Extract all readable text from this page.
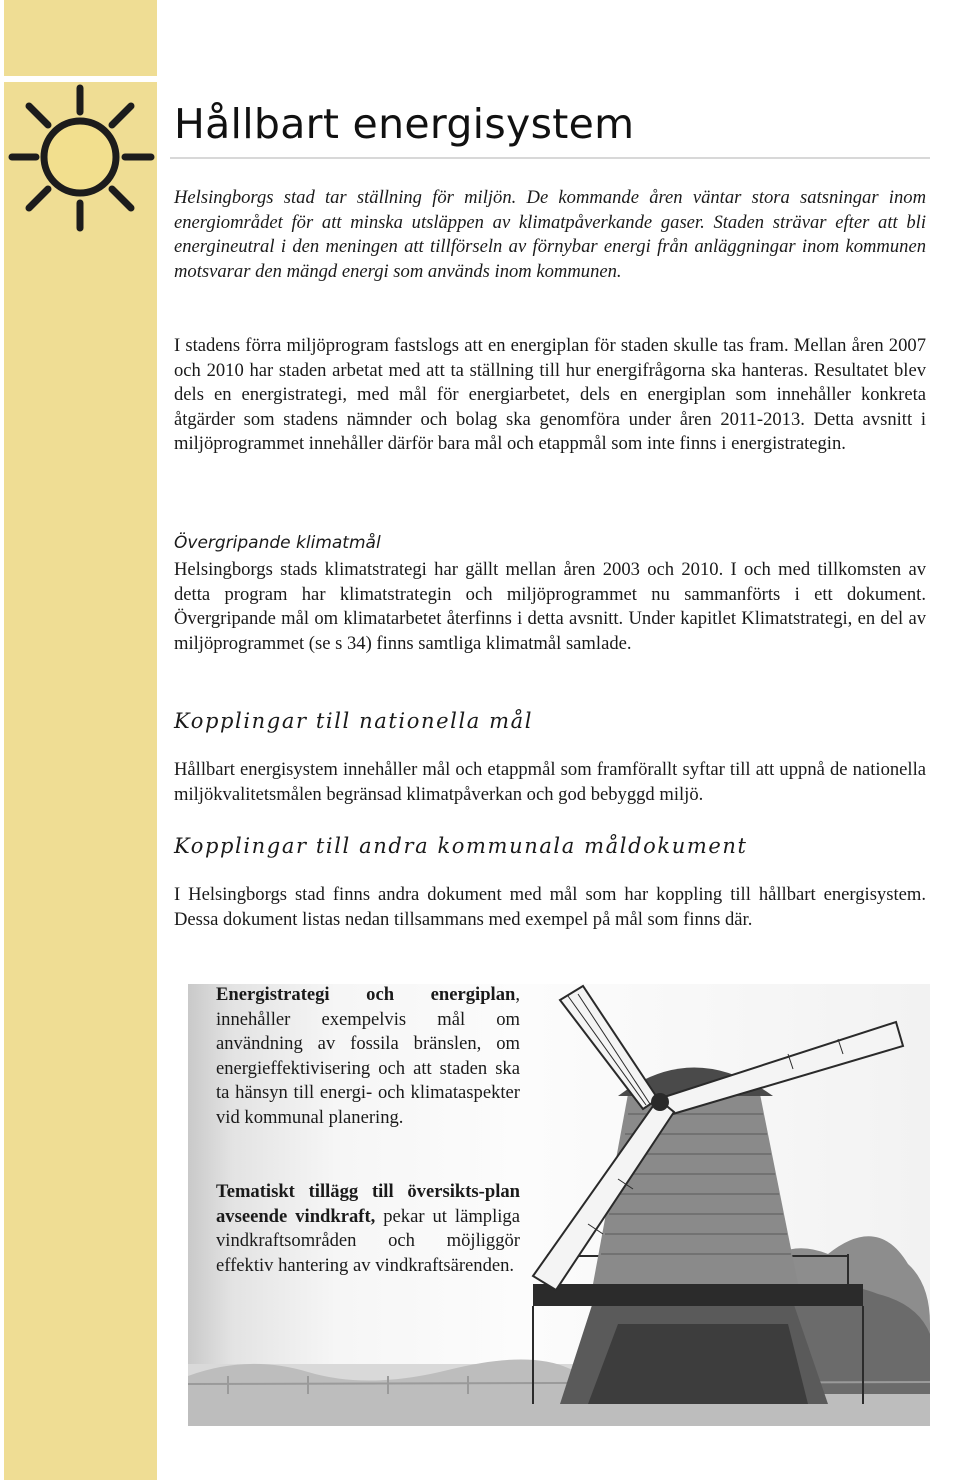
Hållbart energisystem

Helsingborgs stad tar ställning för miljön. De kommande åren väntar stora satsningar inom energiområdet för att minska utsläppen av klimatpåverkande gaser. Staden strävar efter att bli energineutral i den meningen att tillförseln av förnybar energi från anläggningar inom kommunen motsvarar den mängd energi som används inom kommunen.

I stadens förra miljöprogram fastslogs att en energiplan för staden skulle tas fram. Mellan åren 2007 och 2010 har staden arbetat med att ta ställning till hur energifrågorna ska hanteras. Resultatet blev dels en energistrategi, med mål för energiarbetet, dels en energiplan som innehåller konkreta åtgärder som stadens nämnder och bolag ska genomföra under åren 2011-2013. Detta avsnitt i miljöprogrammet innehåller därför bara mål och etappmål som inte finns i energistrategin.

Övergripande klimatmål

Helsingborgs stads klimatstrategi har gällt mellan åren 2003 och 2010. I och med tillkomsten av detta program har klimatstrategin och miljöprogrammet nu sammanförts i ett dokument. Övergripande mål om klimatarbetet återfinns i detta avsnitt. Under kapitlet Klimatstrategi, en del av miljöprogrammet (se s 34) finns samtliga klimatmål samlade.

Kopplingar till nationella mål

Hållbart energisystem innehåller mål och etappmål som framförallt syftar till att uppnå de nationella miljökvalitetsmålen begränsad klimatpåverkan och god bebyggd miljö.

Kopplingar till andra kommunala måldokument

I Helsingborgs stad finns andra dokument med mål som har koppling till hållbart energisystem. Dessa dokument listas nedan tillsammans med exempel på mål som finns där.

Energistrategi och energiplan, innehåller exempelvis mål om användning av fossila bränslen, om energieffektivisering och att staden ska ta hänsyn till energi- och klimataspekter vid kommunal planering.

Tematiskt tillägg till översikts-plan avseende vindkraft, pekar ut lämpliga vindkraftsområden och möjliggör effektiv hantering av vindkraftsärenden.
